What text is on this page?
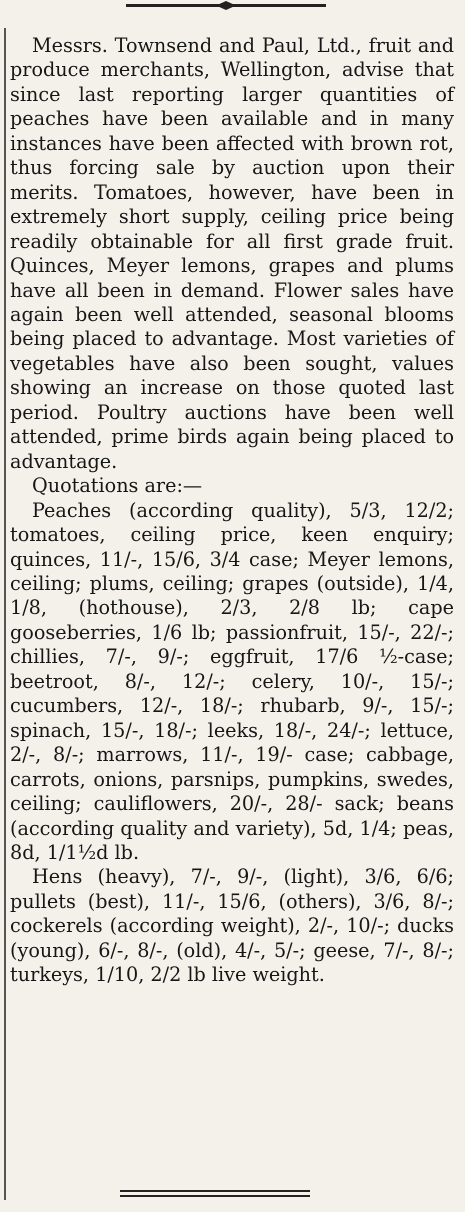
Messrs. Townsend and Paul, Ltd., fruit and produce merchants, Wellington, advise that since last reporting larger quantities of peaches have been available and in many instances have been affected with brown rot, thus forcing sale by auction upon their merits. Tomatoes, however, have been in extremely short supply, ceiling price being readily obtainable for all first grade fruit. Quinces, Meyer lemons, grapes and plums have all been in demand. Flower sales have again been well attended, seasonal blooms being placed to advantage. Most varieties of vegetables have also been sought, values showing an increase on those quoted last period. Poultry auctions have been well attended, prime birds again being placed to advantage.

Quotations are:—

Peaches (according quality), 5/3, 12/2; tomatoes, ceiling price, keen enquiry; quinces, 11/-, 15/6, 3/4 case; Meyer lemons, ceiling; plums, ceiling; grapes (outside), 1/4, 1/8, (hothouse), 2/3, 2/8 lb; cape gooseberries, 1/6 lb; passionfruit, 15/-, 22/-; chillies, 7/-, 9/-; eggfruit, 17/6 ½-case; beetroot, 8/-, 12/-; celery, 10/-, 15/-; cucumbers, 12/-, 18/-; rhubarb, 9/-, 15/-; spinach, 15/-, 18/-; leeks, 18/-, 24/-; lettuce, 2/-, 8/-; marrows, 11/-, 19/- case; cabbage, carrots, onions, parsnips, pumpkins, swedes, ceiling; cauliflowers, 20/-, 28/- sack; beans (according quality and variety), 5d, 1/4; peas, 8d, 1/1½d lb.

Hens (heavy), 7/-, 9/-, (light), 3/6, 6/6; pullets (best), 11/-, 15/6, (others), 3/6, 8/-; cockerels (according weight), 2/-, 10/-; ducks (young), 6/-, 8/-, (old), 4/-, 5/-; geese, 7/-, 8/-; turkeys, 1/10, 2/2 lb live weight.
